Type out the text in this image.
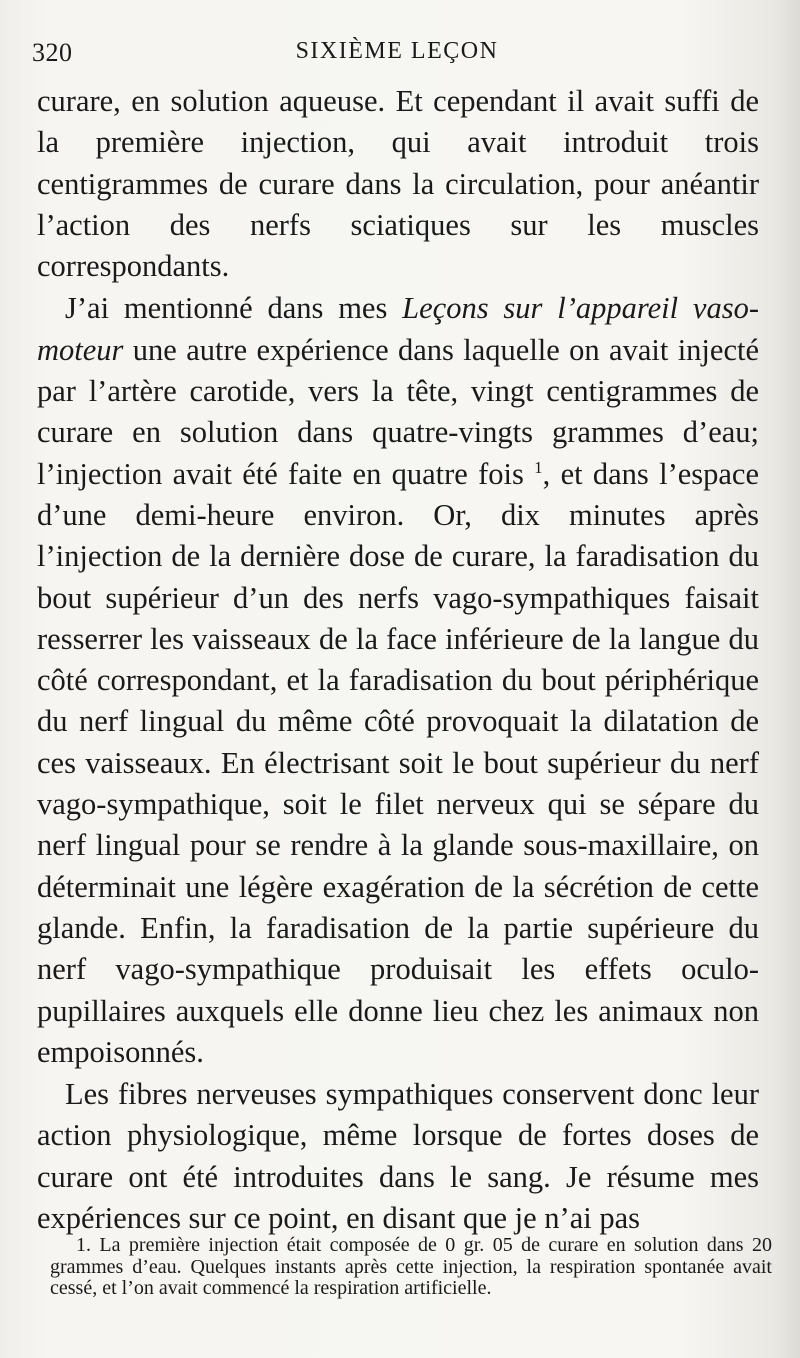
320	SIXIÈME LEÇON

curare, en solution aqueuse. Et cependant il avait suffi de la première injection, qui avait introduit trois centigrammes de curare dans la circulation, pour anéantir l’action des nerfs sciatiques sur les muscles correspondants.

J’ai mentionné dans mes Leçons sur l’appareil vaso-moteur une autre expérience dans laquelle on avait injecté par l’artère carotide, vers la tête, vingt centigrammes de curare en solution dans quatre-vingts grammes d’eau; l’injection avait été faite en quatre fois $^1$, et dans l’espace d’une demi-heure environ. Or, dix minutes après l’injection de la dernière dose de curare, la faradisation du bout supérieur d’un des nerfs vago-sympathiques faisait resserrer les vaisseaux de la face inférieure de la langue du côté correspondant, et la faradisation du bout périphérique du nerf lingual du même côté provoquait la dilatation de ces vaisseaux. En électrisant soit le bout supérieur du nerf vago-sympathique, soit le filet nerveux qui se sépare du nerf lingual pour se rendre à la glande sous-maxillaire, on déterminait une légère exagération de la sécrétion de cette glande. Enfin, la faradisation de la partie supérieure du nerf vago-sympathique produisait les effets oculo-pupillaires auxquels elle donne lieu chez les animaux non empoisonnés.

Les fibres nerveuses sympathiques conservent donc leur action physiologique, même lorsque de fortes doses de curare ont été introduites dans le sang. Je résume mes expériences sur ce point, en disant que je n’ai pas

1. La première injection était composée de 0 gr. 05 de curare en solution dans 20 grammes d’eau. Quelques instants après cette injection, la respiration spontanée avait cessé, et l’on avait commencé la respiration artificielle.
